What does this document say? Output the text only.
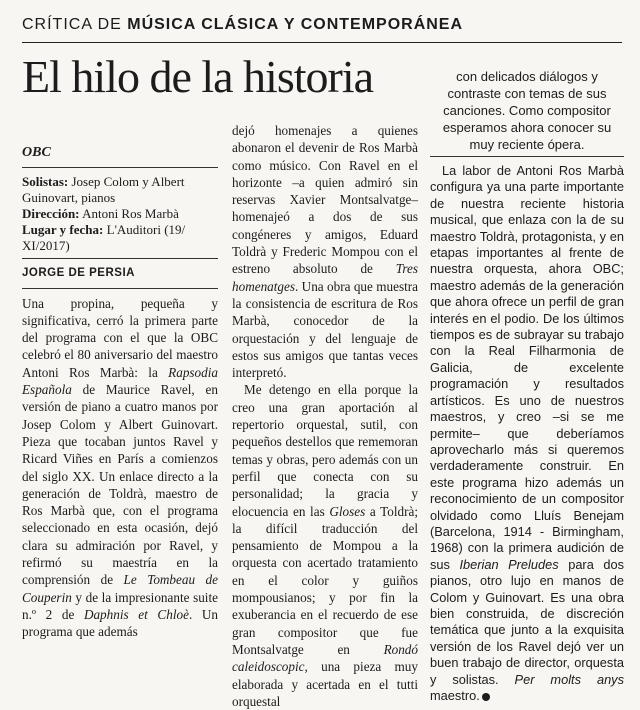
CRÍTICA DE MÚSICA CLÁSICA Y CONTEMPORÁNEA
El hilo de la historia
OBC
Solistas: Josep Colom y Albert Guinovart, pianos
Dirección: Antoni Ros Marbà
Lugar y fecha: L'Auditori (19/ XI/2017)
JORGE DE PERSIA

Una propina, pequeña y significativa, cerró la primera parte del programa con el que la OBC celebró el 80 aniversario del maestro Antoni Ros Marbà: la Rapsodia Española de Maurice Ravel, en versión de piano a cuatro manos por Josep Colom y Albert Guinovart. Pieza que tocaban juntos Ravel y Ricard Viñes en París a comienzos del siglo XX. Un enlace directo a la generación de Toldrà, maestro de Ros Marbà que, con el programa seleccionado en esta ocasión, dejó clara su admiración por Ravel, y refirmó su maestría en la comprensión de Le Tombeau de Couperin y de la impresionante suite n.º 2 de Daphnis et Chloè. Un programa que además

dejó homenajes a quienes abonaron el devenir de Ros Marbà como músico. Con Ravel en el horizonte –a quien admiró sin reservas Xavier Montsalvatge– homenajeó a dos de sus congéneres y amigos, Eduard Toldrà y Frederic Mompou con el estreno absoluto de Tres homenatges. Una obra que muestra la consistencia de escritura de Ros Marbà, conocedor de la orquestación y del lenguaje de estos sus amigos que tantas veces interpretó.

Me detengo en ella porque la creo una gran aportación al repertorio orquestal, sutil, con pequeños destellos que rememoran temas y obras, pero además con un perfil que conecta con su personalidad; la gracia y elocuencia en las Gloses a Toldrà; la difícil traducción del pensamiento de Mompou a la orquesta con acertado tratamiento en el color y guiños mompousianos; y por fin la exuberancia en el recuerdo de ese gran compositor que fue Montsalvatge en Rondó caleidoscopic, una pieza muy elaborada y acertada en el tutti orquestal

con delicados diálogos y contraste con temas de sus canciones. Como compositor esperamos ahora conocer su muy reciente ópera.

La labor de Antoni Ros Marbà configura ya una parte importante de nuestra reciente historia musical, que enlaza con la de su maestro Toldrà, protagonista, y en etapas importantes al frente de nuestra orquesta, ahora OBC; maestro además de la generación que ahora ofrece un perfil de gran interés en el podio. De los últimos tiempos es de subrayar su trabajo con la Real Filharmonia de Galicia, de excelente programación y resultados artísticos. Es uno de nuestros maestros, y creo –si se me permite– que deberíamos aprovecharlo más si queremos verdaderamente construir. En este programa hizo además un reconocimiento de un compositor olvidado como Lluís Benejam (Barcelona, 1914 - Birmingham, 1968) con la primera audición de sus Iberian Preludes para dos pianos, otro lujo en manos de Colom y Guinovart. Es una obra bien construida, de discreción temática que junto a la exquisita versión de los Ravel dejó ver un buen trabajo de director, orquesta y solistas. Per molts anys maestro.
